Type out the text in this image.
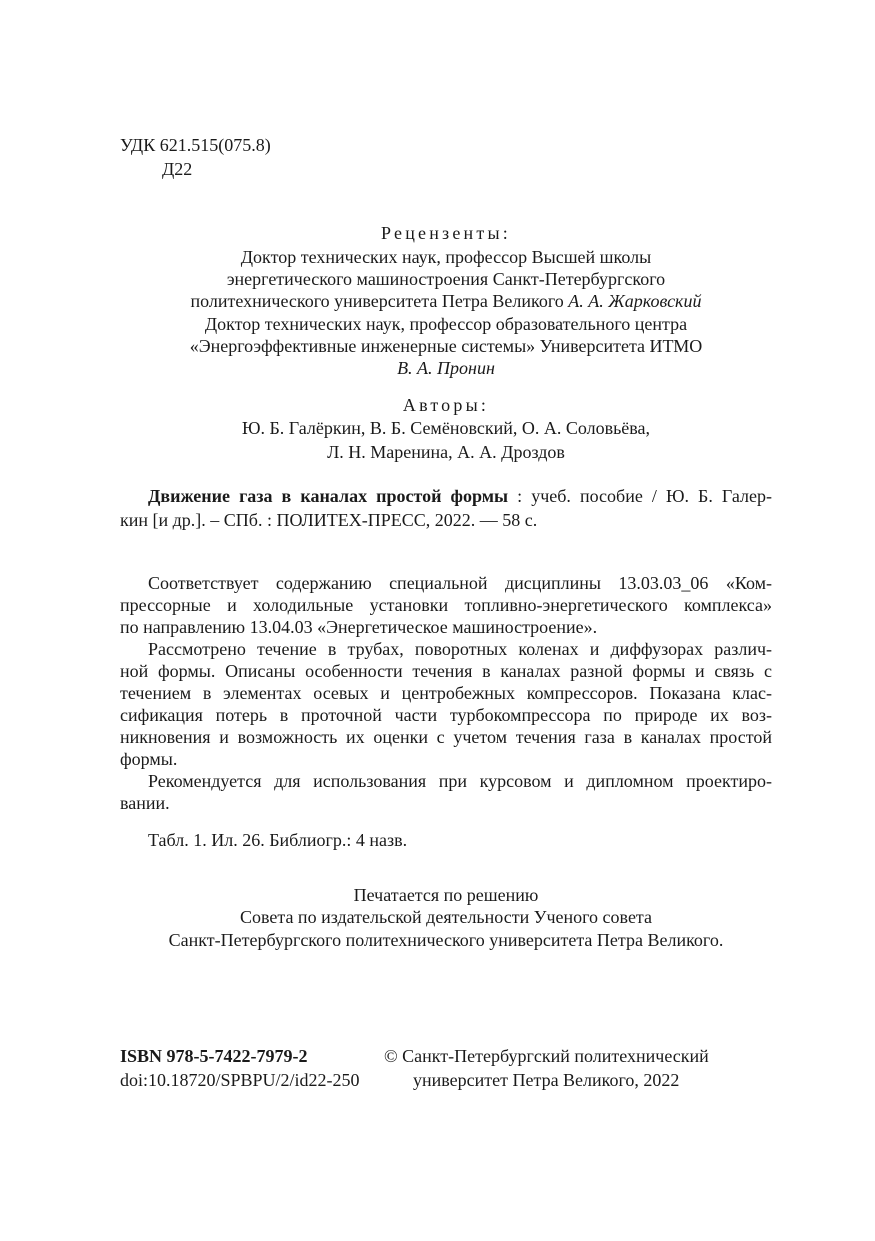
УДК 621.515(075.8)
Д22
Рецензенты:
Доктор технических наук, профессор Высшей школы
энергетического машиностроения Санкт-Петербургского
политехнического университета Петра Великого А. А. Жарковский
Доктор технических наук, профессор образовательного центра
«Энергоэффективные инженерные системы» Университета ИТМО
В. А. Пронин
Авторы:
Ю. Б. Галёркин, В. Б. Семёновский, О. А. Соловьёва,
Л. Н. Маренина, А. А. Дроздов
Движение газа в каналах простой формы : учеб. пособие / Ю. Б. Галер-
кин [и др.]. – СПб. : ПОЛИТЕХ-ПРЕСС, 2022. — 58 с.
Соответствует содержанию специальной дисциплины 13.03.03_06 «Ком-
прессорные и холодильные установки топливно-энергетического комплекса»
по направлению 13.04.03 «Энергетическое машиностроение».
Рассмотрено течение в трубах, поворотных коленах и диффузорах различ-
ной формы. Описаны особенности течения в каналах разной формы и связь с
течением в элементах осевых и центробежных компрессоров. Показана клас-
сификация потерь в проточной части турбокомпрессора по природе их воз-
никновения и возможность их оценки с учетом течения газа в каналах простой
формы.
Рекомендуется для использования при курсовом и дипломном проектиро-
вании.
Табл. 1. Ил. 26. Библиогр.: 4 назв.
Печатается по решению
Совета по издательской деятельности Ученого совета
Санкт-Петербургского политехнического университета Петра Великого.
ISBN 978-5-7422-7979-2
doi:10.18720/SPBPU/2/id22-250
© Санкт-Петербургский политехнический
университет Петра Великого, 2022
